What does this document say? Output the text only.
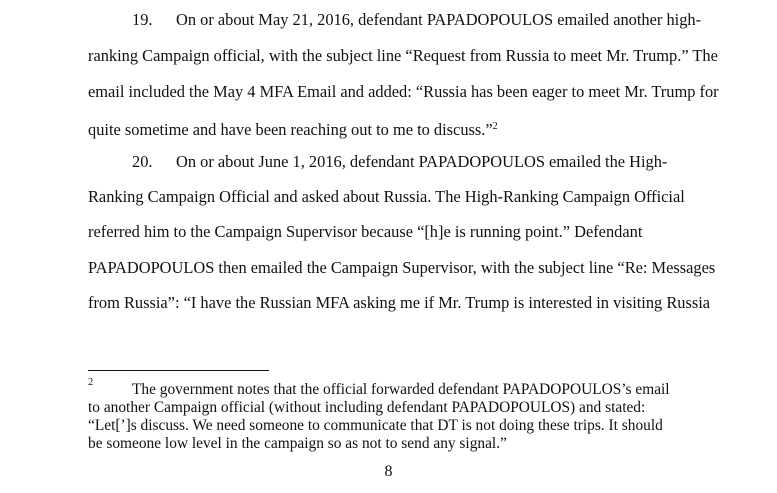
19. On or about May 21, 2016, defendant PAPADOPOULOS emailed another high-
ranking Campaign official, with the subject line “Request from Russia to meet Mr. Trump.” The
email included the May 4 MFA Email and added: “Russia has been eager to meet Mr. Trump for
quite sometime and have been reaching out to me to discuss.”$^2$
20. On or about June 1, 2016, defendant PAPADOPOULOS emailed the High-
Ranking Campaign Official and asked about Russia. The High-Ranking Campaign Official
referred him to the Campaign Supervisor because “[h]e is running point.” Defendant
PAPADOPOULOS then emailed the Campaign Supervisor, with the subject line “Re: Messages
from Russia”: “I have the Russian MFA asking me if Mr. Trump is interested in visiting Russia
2	The government notes that the official forwarded defendant PAPADOPOULOS’s email
to another Campaign official (without including defendant PAPADOPOULOS) and stated:
“Let[’]s discuss. We need someone to communicate that DT is not doing these trips. It should
be someone low level in the campaign so as not to send any signal.”
8
